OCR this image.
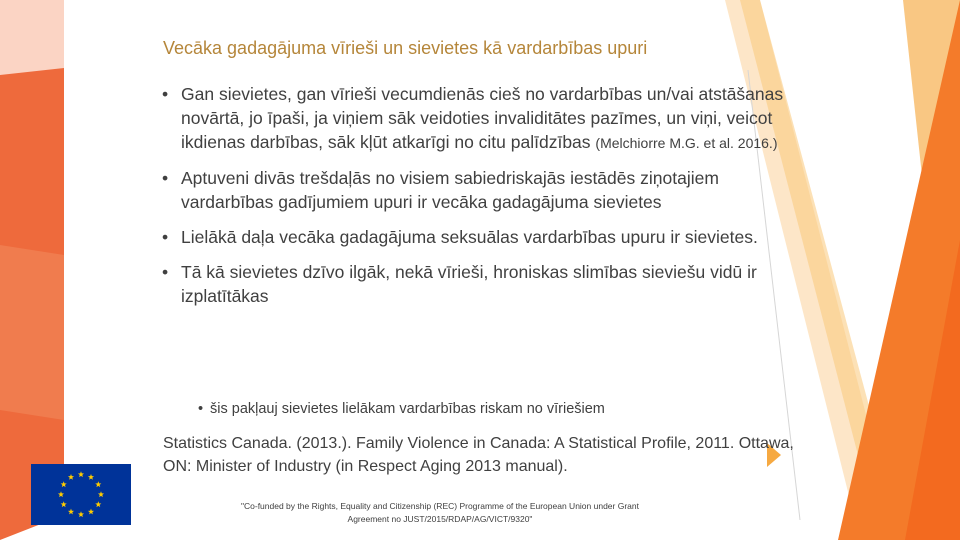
Vecāka gadagājuma vīrieši un sievietes kā vardarbības upuri
• Gan sievietes, gan vīrieši vecumdienās cieš no vardarbības un/vai atstāšanas novārtā, jo īpaši, ja viņiem sāk veidoties invaliditātes pazīmes, un viņi, veicot ikdienas darbības, sāk kļūt atkarīgi no citu palīdzības (Melchiorre M.G. et al. 2016.)
• Aptuveni divās trešdaļās no visiem sabiedriskajās iestādēs ziņotajiem vardarbības gadījumiem upuri ir vecāka gadagājuma sievietes
• Lielākā daļa vecāka gadagājuma seksuālas vardarbības upuru ir sievietes.
• Tā kā sievietes dzīvo ilgāk, nekā vīrieši, hroniskas slimības sieviešu vidū ir izplatītākas
• šis pakļauj sievietes lielākam vardarbības riskam no vīriešiem
Statistics Canada. (2013.). Family Violence in Canada: A Statistical Profile, 2011. Ottawa, ON: Minister of Industry (in Respect Aging 2013 manual).
"Co-funded by the Rights, Equality and Citizenship (REC) Programme of the European Union under Grant
Agreement no JUST/2015/RDAP/AG/VICT/9320"
